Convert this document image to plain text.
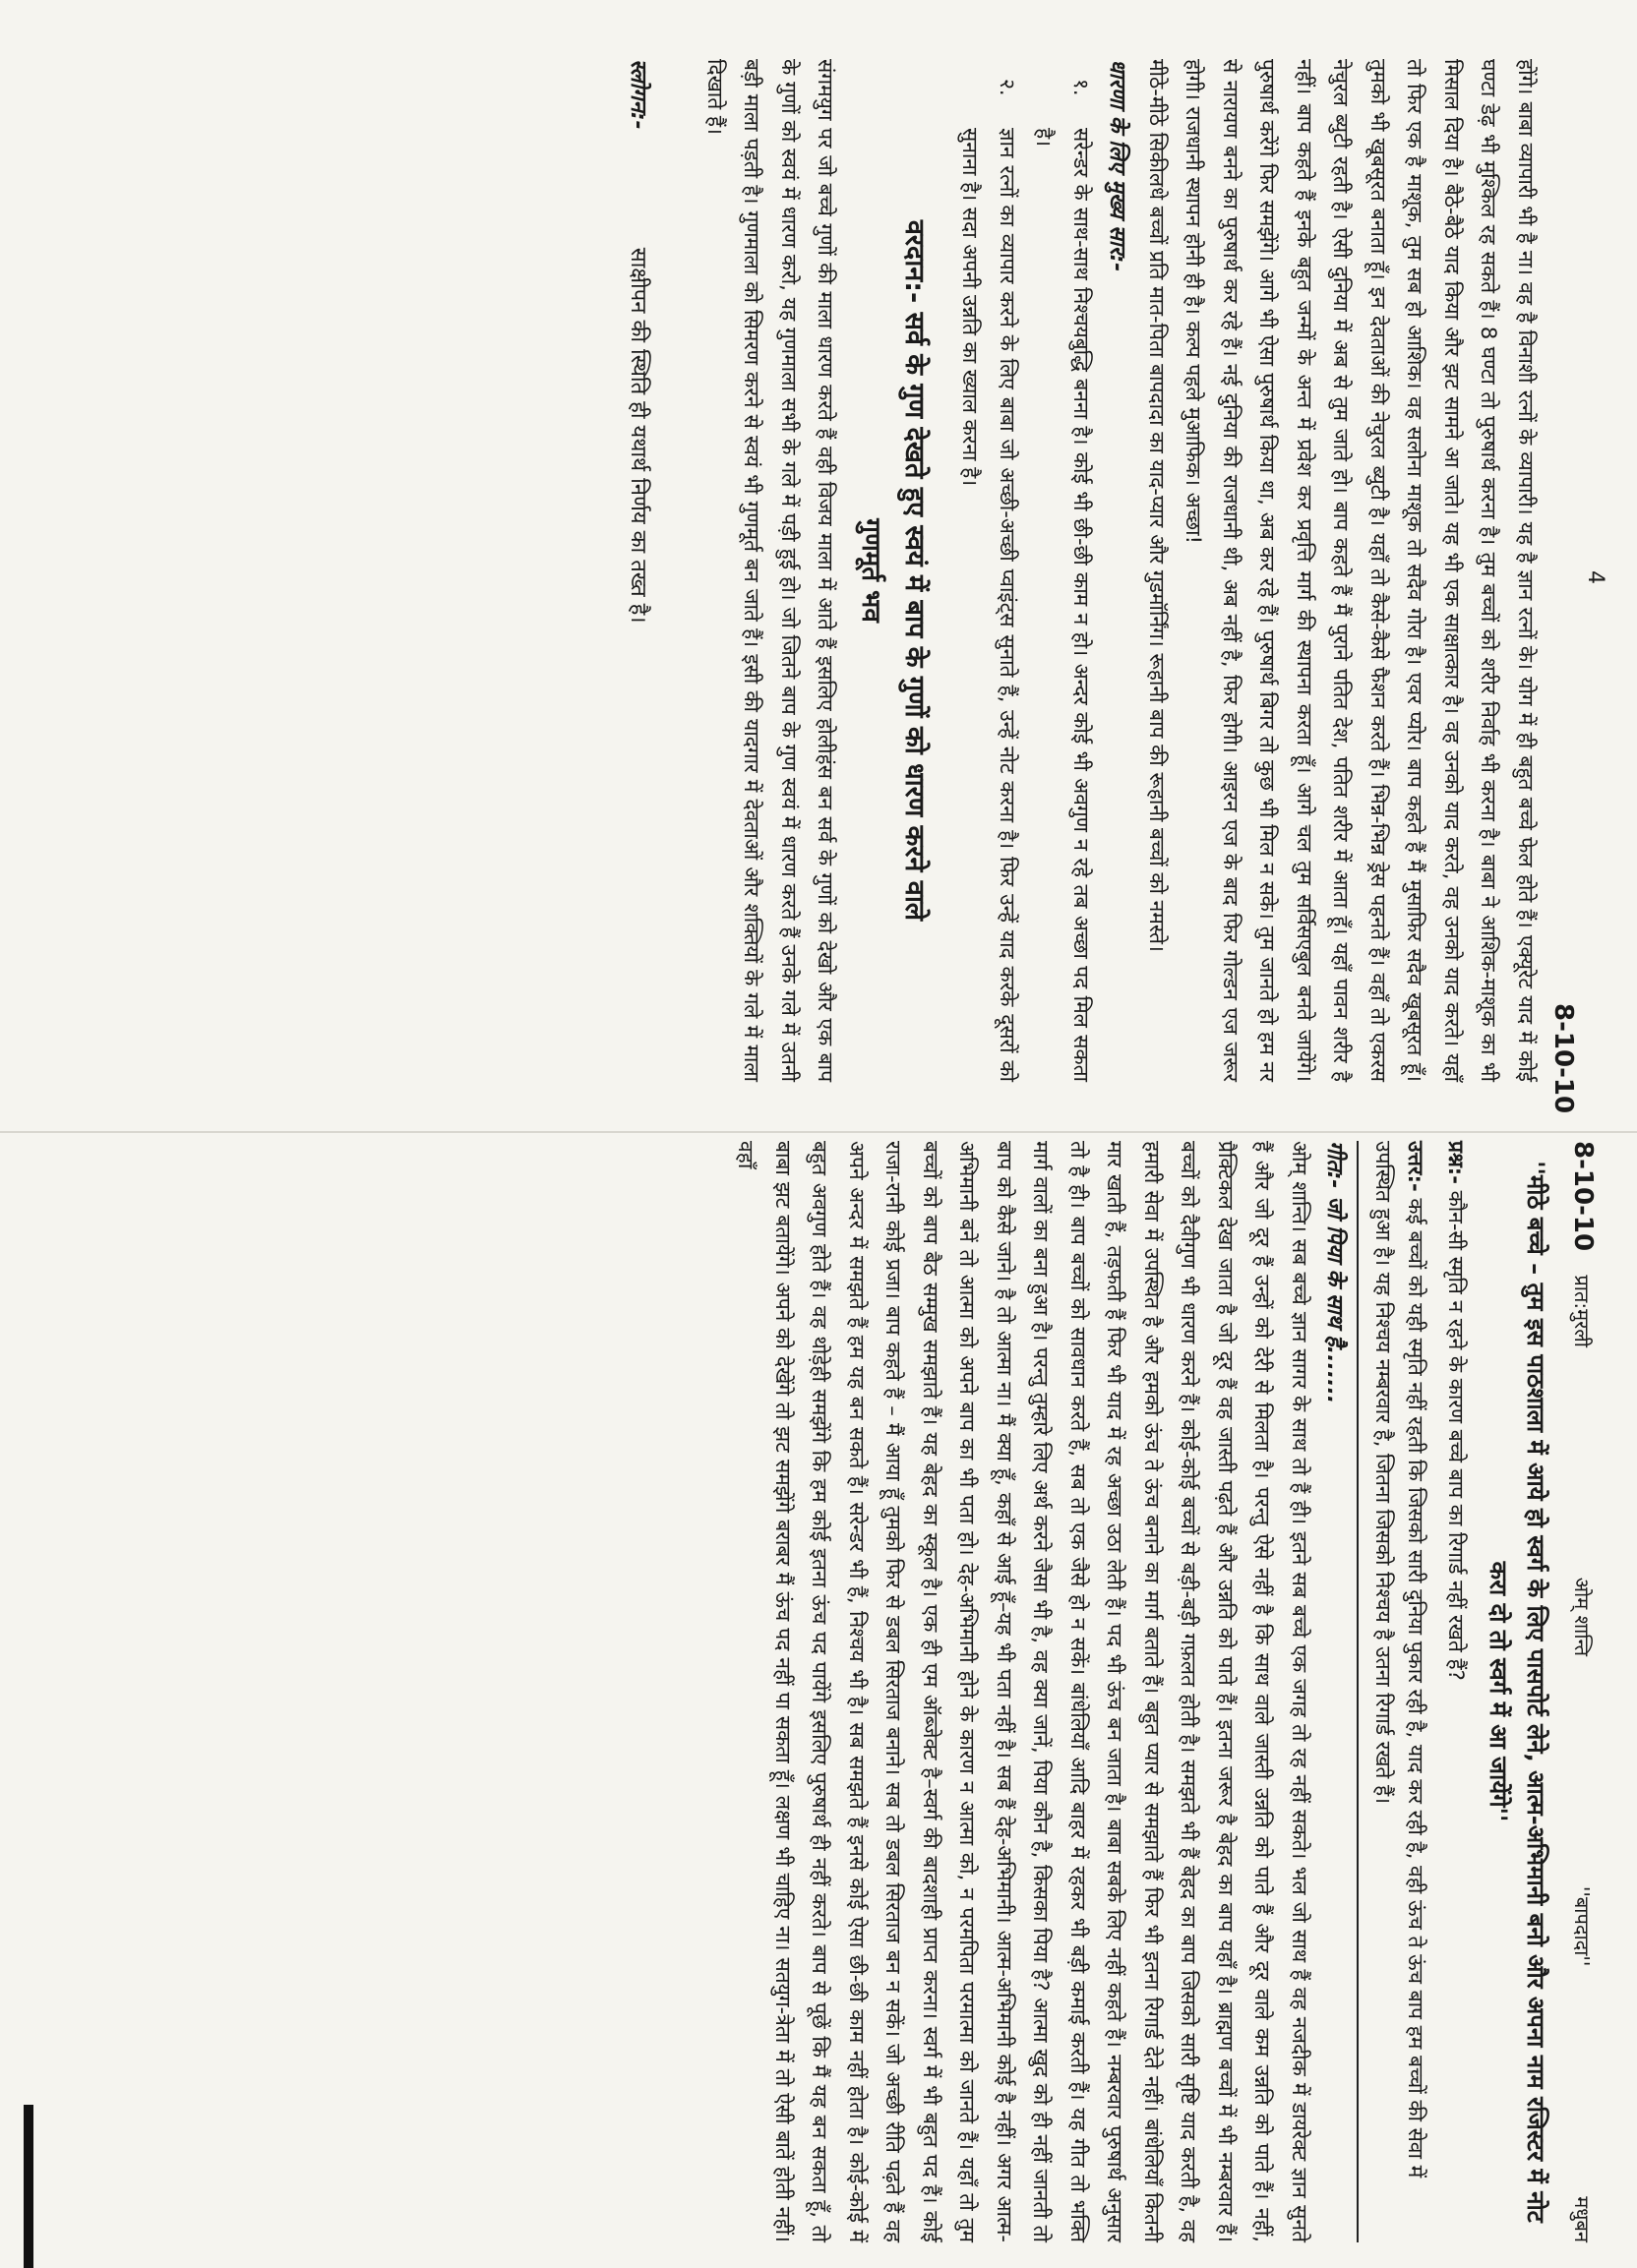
4
8-10-10

होंगे। बाबा व्यापारी भी है ना। वह है विनाशी रत्नों के व्यापारी। यह है ज्ञान रत्नों के। योग में ही बहुत बच्चे फेल होते हैं। एक्यूरेट याद में कोई घण्टा डेढ़ भी मुश्किल रह सकते हैं। 8 घण्टा तो पुरुषार्थ करना है। तुम बच्चों को शरीर निर्वाह भी करना है। बाबा ने आशिक-माशूक का भी मिसाल दिया है। बैठे-बैठे याद किया और झट सामने आ जाते। यह भी एक साक्षात्कार है। वह उनको याद करते, वह उनको याद करते। यहाँ तो फिर एक है माशूक, तुम सब हो आशिक। वह सलोना माशूक तो सदैव गोरा है। एवर प्योर। बाप कहते हैं मैं मुसाफिर सदैव खूबसूरत हूँ। तुमको भी खूबसूरत बनाता हूँ। इन देवताओं की नेचुरल ब्युटी है। यहाँ तो कैसे-कैसे फैशन करते हैं। भिन्न-भिन्न ड्रेस पहनते हैं। वहाँ तो एकरस नेचुरल ब्युटी रहती है। ऐसी दुनिया में अब से तुम जाते हो। बाप कहते हैं मैं पुराने पतित देश, पतित शरीर में आता हूँ। यहाँ पावन शरीर है नहीं। बाप कहते हैं इनके बहुत जन्मों के अन्त में प्रवेश कर प्रवृत्ति मार्ग की स्थापना करता हूँ। आगे चल तुम सर्विसएबुल बनते जायेंगे। पुरुषार्थ करेंगे फिर समझेंगे। आगे भी ऐसा पुरुषार्थ किया था, अब कर रहे हैं। पुरुषार्थ बिगर तो कुछ भी मिल न सके। तुम जानते हो हम नर से नारायण बनने का पुरुषार्थ कर रहे हैं। नई दुनिया की राजधानी थी, अब नहीं है, फिर होगी। आइरन एज के बाद फिर गोल्डन एज जरूर होगी। राजधानी स्थापन होनी ही है। कल्प पहले मुआफिक। अच्छा!

मीठे-मीठे सिकीलधे बच्चों प्रति मात-पिता बापदादा का याद-प्यार और गुडमॉर्निंग। रूहानी बाप की रूहानी बच्चों को नमस्ते।

धारणा के लिए मुख्य सार:-

१.
सरेन्डर के साथ-साथ निश्चयबुद्धि बनना है। कोई भी छी-छी काम न हो। अन्दर कोई भी अवगुण न रहे तब अच्छा पद मिल सकता है।
२.
ज्ञान रत्नों का व्यापार करने के लिए बाबा जो अच्छी-अच्छी प्वाइंट्स सुनाते हैं, उन्हें नोट करना है। फिर उन्हें याद करके दूसरों को सुनाना है। सदा अपनी उन्नति का ख्याल करना है।

वरदान:- सर्व के गुण देखते हुए स्वयं में बाप के गुणों को धारण करने वाले

गुणमूर्त भव

संगमयुग पर जो बच्चे गुणों की माला धारण करते हैं वही विजय माला में आते हैं इसलिए होलीहंस बन सर्व के गुणों को देखो और एक बाप के गुणों को स्वयं में धारण करो, यह गुणमाला सभी के गले में पड़ी हुई हो। जो जितने बाप के गुण स्वयं में धारण करते हैं उनके गले में उतनी बड़ी माला पड़ती है। गुणमाला को सिमरण करने से स्वयं भी गुणमूर्त बन जाते हैं। इसी की यादगार में देवताओं और शक्तियों के गले में माला दिखाते हैं।

स्लोगन:-
साक्षीपन की स्थिति ही यथार्थ निर्णय का तख्त है।
8-10-10 प्रात:मुरली
ओम् शान्ति
''बापदादा''
मधुबन

''मीठे बच्चे – तुम इस पाठशाला में आये हो स्वर्ग के लिए पासपोर्ट लेने, आत्म-अभिमानी बनो और अपना नाम रजिस्टर में नोट करा दो तो स्वर्ग में आ जायेंगे''

प्रश्न:- कौन-सी स्मृति न रहने के कारण बच्चे बाप का रिगार्ड नहीं रखते हैं?
उत्तर:- कई बच्चों को यही स्मृति नहीं रहती कि जिसको सारी दुनिया पुकार रही है, याद कर रही है, वही ऊंच ते ऊंच बाप हम बच्चों की सेवा में उपस्थित हुआ है। यह निश्चय नम्बरवार है, जितना जिसको निश्चय है उतना रिगार्ड रखते हैं।

गीत:- जो पिया के साथ है.......

ओम् शान्ति। सब बच्चे ज्ञान सागर के साथ तो हैं ही। इतने सब बच्चे एक जगह तो रह नहीं सकते। भल जो साथ हैं वह नजदीक में डायरेक्ट ज्ञान सुनते हैं और जो दूर हैं उन्हों को देरी से मिलता है। परन्तु ऐसे नहीं है कि साथ वाले जास्ती उन्नति को पाते हैं और दूर वाले कम उन्नति को पाते हैं। नहीं, प्रैक्टिकल देखा जाता है जो दूर हैं वह जास्ती पढ़ते हैं और उन्नति को पाते हैं। इतना जरूर है बेहद का बाप यहाँ है। ब्राह्मण बच्चों में भी नम्बरवार हैं। बच्चों को दैवीगुण भी धारण करने हैं। कोई-कोई बच्चों से बड़ी-बड़ी गफ़लत होती है। समझते भी हैं बेहद का बाप जिसको सारी सृष्टि याद करती है, वह हमारी सेवा में उपस्थित है और हमको ऊंच ते ऊंच बनाने का मार्ग बताते हैं। बहुत प्यार से समझाते हैं फिर भी इतना रिगार्ड देते नहीं। बांधेलियाँ कितनी मार खाती हैं, तड़फती हैं फिर भी याद में रह अच्छा उठा लेती हैं। पद भी ऊंच बन जाता है। बाबा सबके लिए नहीं कहते हैं। नम्बरवार पुरुषार्थ अनुसार तो है ही। बाप बच्चों को सावधान करते हैं, सब तो एक जैसे हो न सकें। बांधेलियाँ आदि बाहर में रहकर भी बड़ी कमाई करती हैं। यह गीत तो भक्ति मार्ग वालों का बना हुआ है। परन्तु तुम्हारे लिए अर्थ करने जैसा भी है, वह क्या जानें, पिया कौन है, किसका पिया है? आत्मा खुद को ही नहीं जानती तो बाप को कैसे जाने। है तो आत्मा ना। मैं क्या हूँ, कहाँ से आई हूँ–यह भी पता नहीं है। सब हैं देह-अभिमानी। आत्म-अभिमानी कोई है नहीं। अगर आत्म-अभिमानी बनें तो आत्मा को अपने बाप का भी पता हो। देह-अभिमानी होने के कारण न आत्मा को, न परमपिता परमात्मा को जानते हैं। यहाँ तो तुम बच्चों को बाप बैठ सम्मुख समझाते हैं। यह बेहद का स्कूल है। एक ही एम ऑब्जेक्ट है–स्वर्ग की बादशाही प्राप्त करना। स्वर्ग में भी बहुत पद हैं। कोई राजा-रानी कोई प्रजा। बाप कहते हैं – मैं आया हूँ तुमको फिर से डबल सिरताज बनाने। सब तो डबल सिरताज बन न सकें। जो अच्छी रीति पढ़ते हैं वह अपने अन्दर में समझते हैं हम यह बन सकते हैं। सरेन्डर भी हैं, निश्चय भी है। सब समझते हैं इनसे कोई ऐसा छी-छी काम नहीं होता है। कोई-कोई में बहुत अवगुण होते हैं। वह थोड़ेही समझेंगे कि हम कोई इतना ऊंच पद पायेंगे इसलिए पुरुषार्थ ही नहीं करते। बाप से पूछें कि मैं यह बन सकता हूँ, तो बाबा झट बतायेंगे। अपने को देखेंगे तो झट समझेंगे बराबर मैं ऊंच पद नहीं पा सकता हूँ। लक्षण भी चाहिए ना। सतयुग-त्रेता में तो ऐसी बातें होती नहीं। वहाँ
